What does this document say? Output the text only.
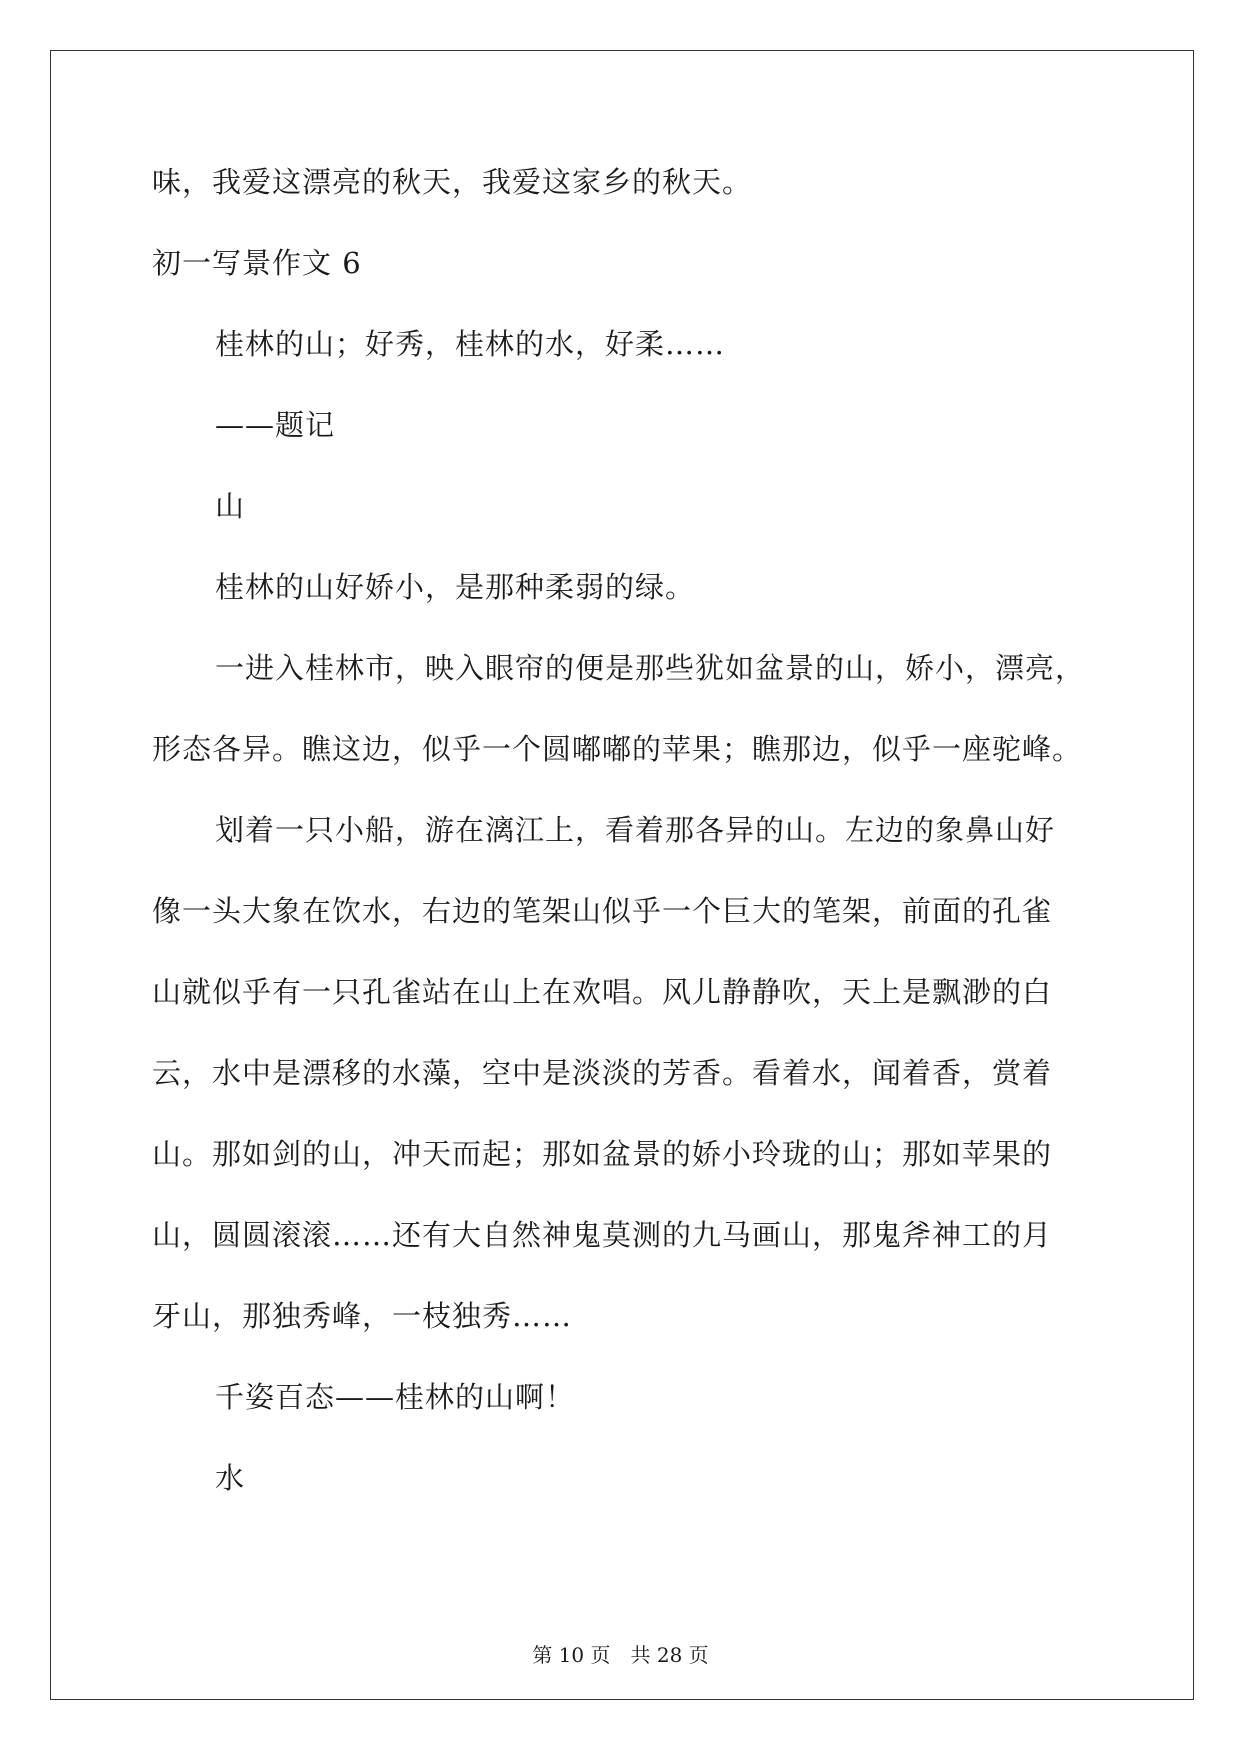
味，我爱这漂亮的秋天，我爱这家乡的秋天。
初一写景作文 6
桂林的山；好秀，桂林的水，好柔……
——题记
山
桂林的山好娇小，是那种柔弱的绿。
一进入桂林市，映入眼帘的便是那些犹如盆景的山，娇小，漂亮，
形态各异。瞧这边，似乎一个圆嘟嘟的苹果；瞧那边，似乎一座驼峰。
划着一只小船，游在漓江上，看着那各异的山。左边的象鼻山好
像一头大象在饮水，右边的笔架山似乎一个巨大的笔架，前面的孔雀
山就似乎有一只孔雀站在山上在欢唱。风儿静静吹，天上是飘渺的白
云，水中是漂移的水藻，空中是淡淡的芳香。看着水，闻着香，赏着
山。那如剑的山，冲天而起；那如盆景的娇小玲珑的山；那如苹果的
山，圆圆滚滚……还有大自然神鬼莫测的九马画山，那鬼斧神工的月
牙山，那独秀峰，一枝独秀……
千姿百态——桂林的山啊！
水
第 10 页　共 28 页
